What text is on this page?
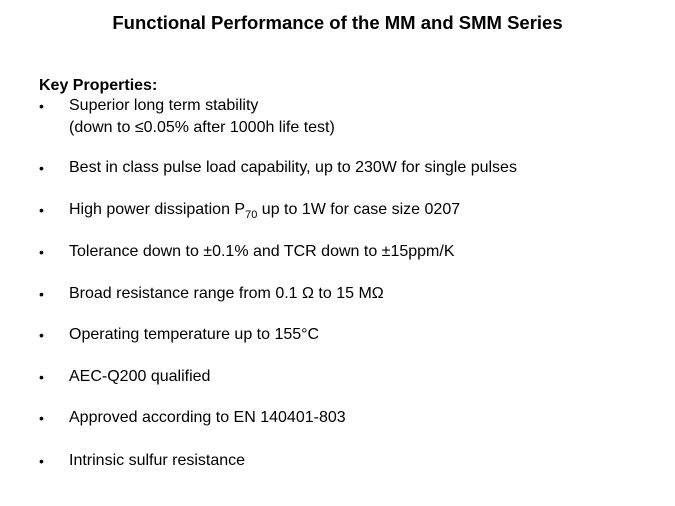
Functional Performance of the MM and SMM Series
Key Properties:
• Superior long term stability
(down to ≤0.05% after 1000h life test)
• Best in class pulse load capability, up to 230W for single pulses
• High power dissipation $P_{70}$ up to 1W for case size 0207
• Tolerance down to ±0.1% and TCR down to ±15ppm/K
• Broad resistance range from 0.1 Ω to 15 MΩ
• Operating temperature up to 155°C
• AEC-Q200 qualified
• Approved according to EN 140401-803
• Intrinsic sulfur resistance
